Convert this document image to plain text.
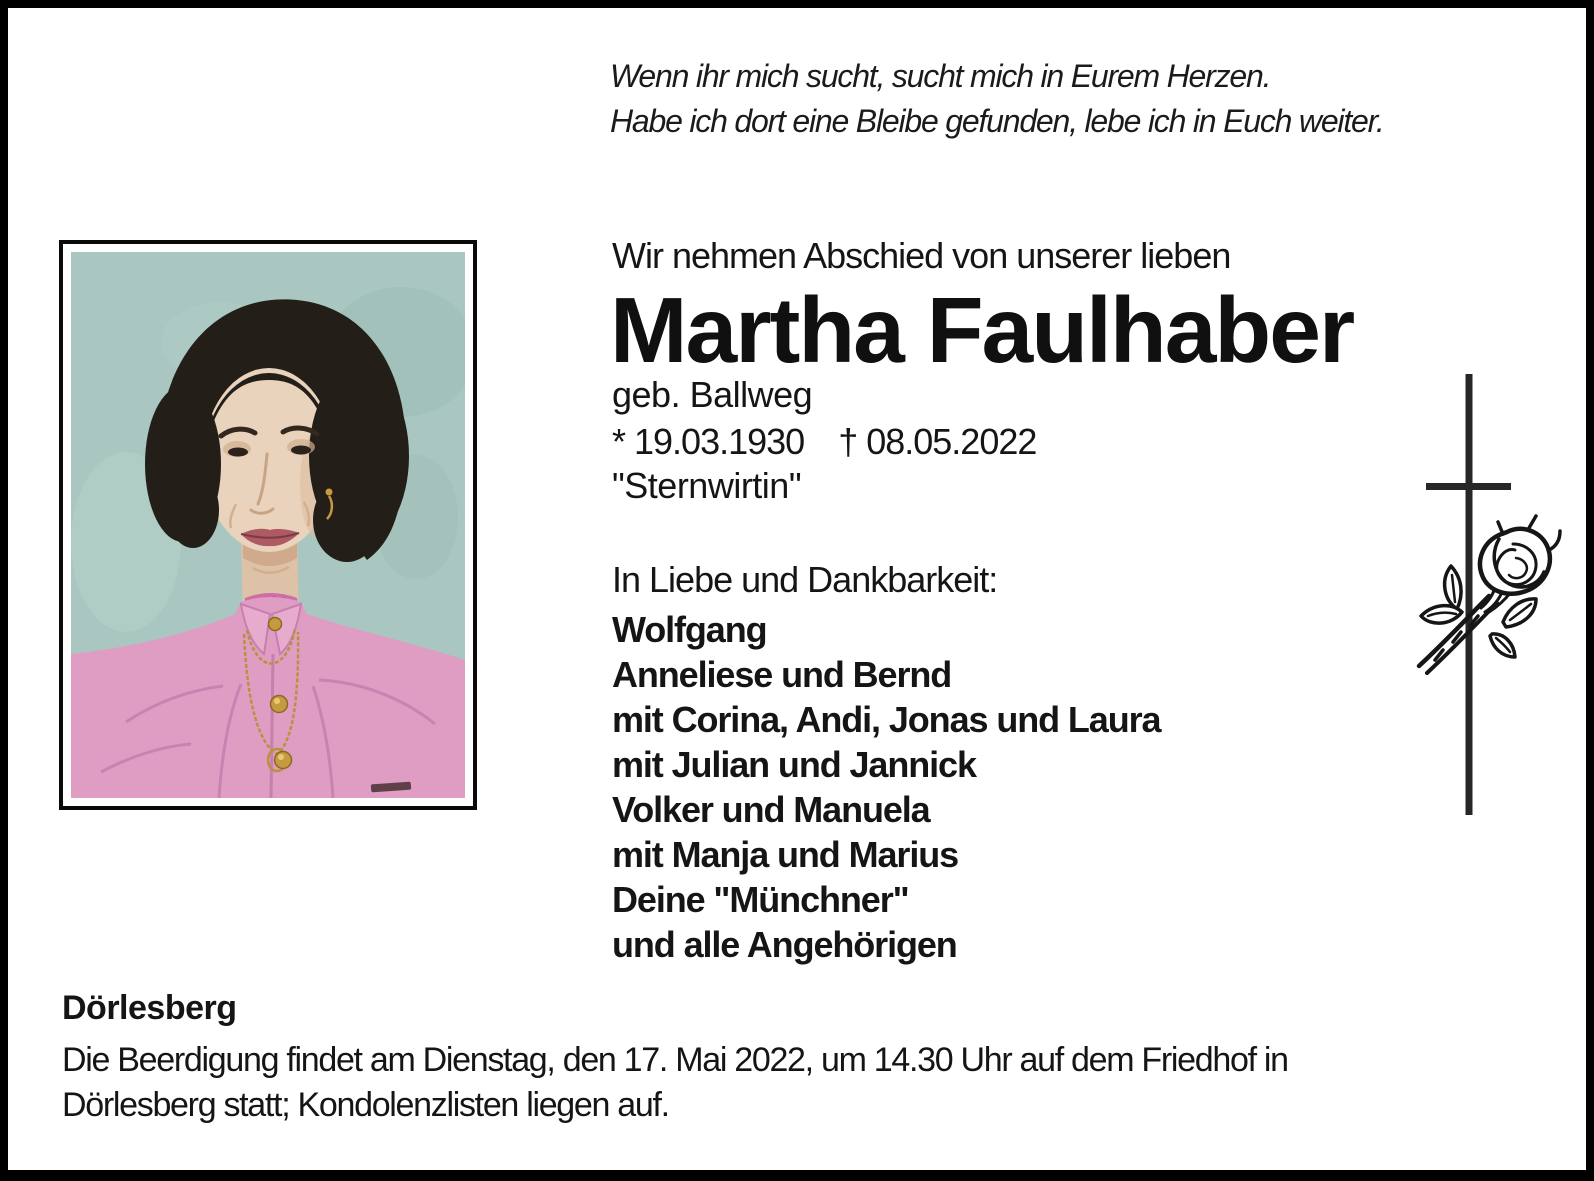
Wenn ihr mich sucht, sucht mich in Eurem Herzen.
Habe ich dort eine Bleibe gefunden, lebe ich in Euch weiter.
Wir nehmen Abschied von unserer lieben
Martha Faulhaber
geb. Ballweg
* 19.03.1930 † 08.05.2022
"Sternwirtin"
In Liebe und Dankbarkeit:
Wolfgang
Anneliese und Bernd
mit Corina, Andi, Jonas und Laura
mit Julian und Jannick
Volker und Manuela
mit Manja und Marius
Deine "Münchner"
und alle Angehörigen
Dörlesberg
Die Beerdigung findet am Dienstag, den 17. Mai 2022, um 14.30 Uhr auf dem Friedhof in
Dörlesberg statt; Kondolenzlisten liegen auf.
